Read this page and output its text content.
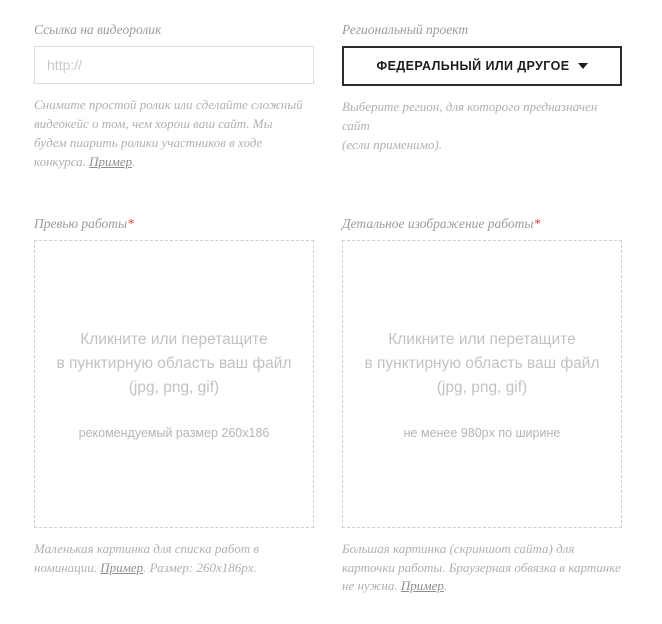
Ссылка на видеоролик
http://
Снимите простой ролик или сделайте сложный
видеокейс о том, чем хорош ваш сайт. Мы
будем пиарить ролики участников в ходе
конкурса. Пример.
Региональный проект
ФЕДЕРАЛЬНЫЙ ИЛИ ДРУГОЕ
Выберите регион, для которого предназначен сайт
(если применимо).
Превью работы*
Кликните или перетащите
в пунктирную область ваш файл
(jpg, png, gif)
рекомендуемый размер 260x186
Маленькая картинка для списка работ в
номинации. Пример. Размер: 260x186px.
Детальное изображение работы*
Кликните или перетащите
в пунктирную область ваш файл
(jpg, png, gif)
не менее 980px по ширине
Большая картинка (скриншот сайта) для
карточки работы. Браузерная обвязка в картинке
не нужна. Пример.
